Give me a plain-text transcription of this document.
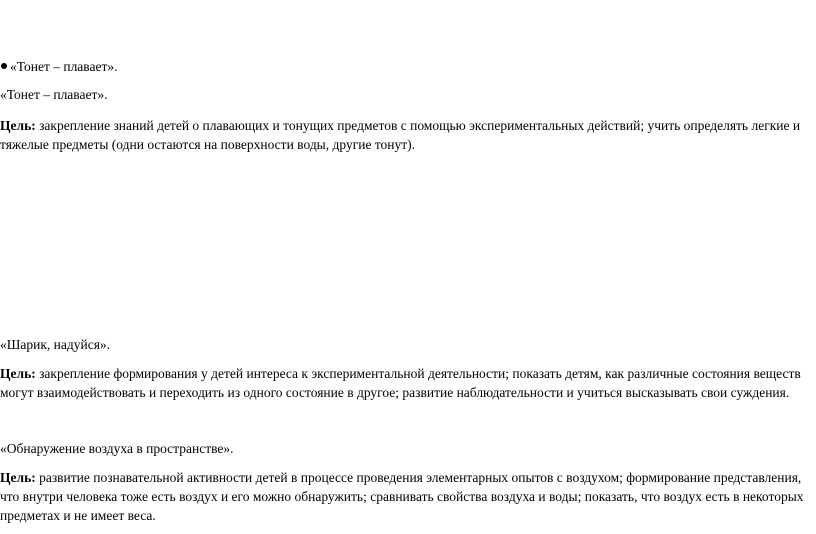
«Тонет – плавает».
«Тонет – плавает».
Цель: закрепление знаний детей о плавающих и тонущих предметов с помощью экспериментальных действий; учить определять легкие и тяжелые предметы (одни остаются на поверхности воды, другие тонут).
«Шарик, надуйся».
Цель: закрепление формирования у детей интереса к экспериментальной деятельности; показать детям, как различные состояния веществ могут взаимодействовать и переходить из одного состояние в другое; развитие наблюдательности и учиться высказывать свои суждения.
«Обнаружение воздуха в пространстве».
Цель: развитие познавательной активности детей в процессе проведения элементарных опытов с воздухом; формирование представления, что внутри человека тоже есть воздух и его можно обнаружить; сравнивать свойства воздуха и воды; показать, что воздух есть в некоторых предметах и не имеет веса.
